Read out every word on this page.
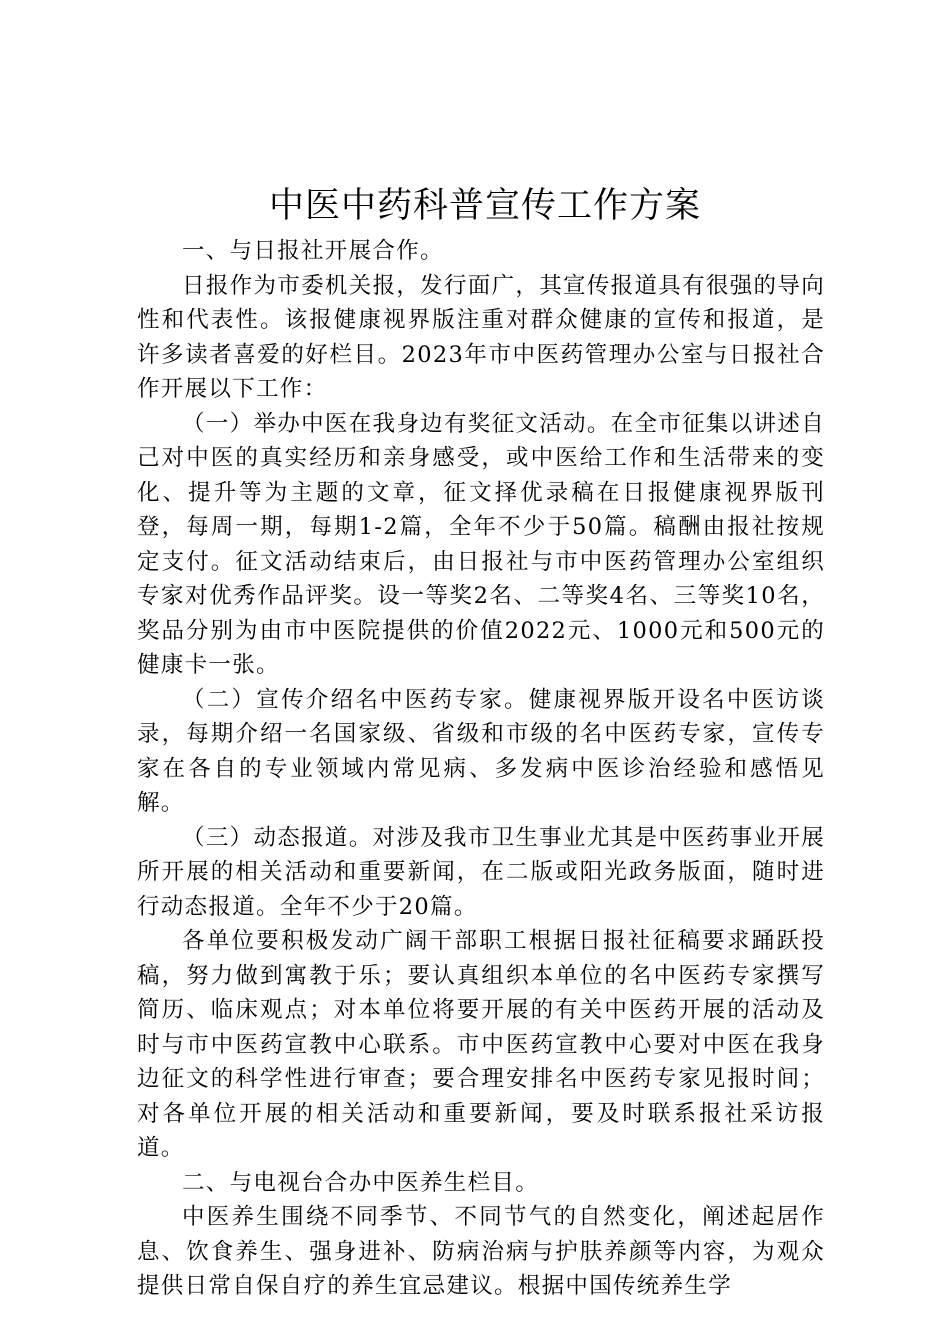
中医中药科普宣传工作方案

一、与日报社开展合作。

日报作为市委机关报，发行面广，其宣传报道具有很强的导向性和代表性。该报健康视界版注重对群众健康的宣传和报道，是许多读者喜爱的好栏目。2023年市中医药管理办公室与日报社合作开展以下工作：

（一）举办中医在我身边有奖征文活动。在全市征集以讲述自己对中医的真实经历和亲身感受，或中医给工作和生活带来的变化、提升等为主题的文章，征文择优录稿在日报健康视界版刊登，每周一期，每期1-2篇，全年不少于50篇。稿酬由报社按规定支付。征文活动结束后，由日报社与市中医药管理办公室组织专家对优秀作品评奖。设一等奖2名、二等奖4名、三等奖10名，奖品分别为由市中医院提供的价值2022元、1000元和500元的健康卡一张。

（二）宣传介绍名中医药专家。健康视界版开设名中医访谈录，每期介绍一名国家级、省级和市级的名中医药专家，宣传专家在各自的专业领域内常见病、多发病中医诊治经验和感悟见解。

（三）动态报道。对涉及我市卫生事业尤其是中医药事业开展所开展的相关活动和重要新闻，在二版或阳光政务版面，随时进行动态报道。全年不少于20篇。

各单位要积极发动广阔干部职工根据日报社征稿要求踊跃投稿，努力做到寓教于乐；要认真组织本单位的名中医药专家撰写简历、临床观点；对本单位将要开展的有关中医药开展的活动及时与市中医药宣教中心联系。市中医药宣教中心要对中医在我身边征文的科学性进行审查；要合理安排名中医药专家见报时间；对各单位开展的相关活动和重要新闻，要及时联系报社采访报道。

二、与电视台合办中医养生栏目。

中医养生围绕不同季节、不同节气的自然变化，阐述起居作息、饮食养生、强身进补、防病治病与护肤养颜等内容，为观众提供日常自保自疗的养生宜忌建议。根据中国传统养生学
